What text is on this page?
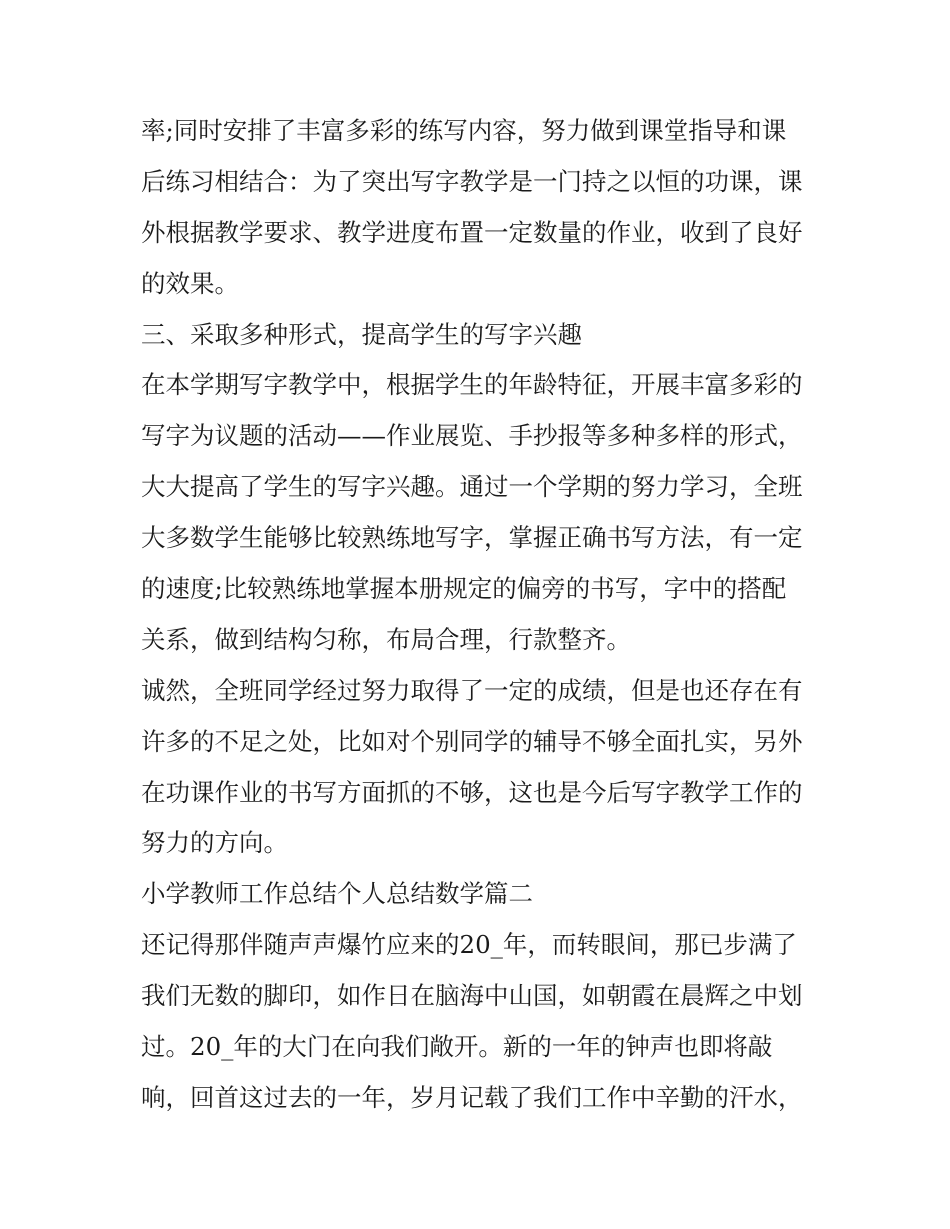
率;同时安排了丰富多彩的练写内容，努力做到课堂指导和课
后练习相结合：为了突出写字教学是一门持之以恒的功课，课
外根据教学要求、教学进度布置一定数量的作业，收到了良好
的效果。
三、采取多种形式，提高学生的写字兴趣
在本学期写字教学中，根据学生的年龄特征，开展丰富多彩的
写字为议题的活动——作业展览、手抄报等多种多样的形式，
大大提高了学生的写字兴趣。通过一个学期的努力学习，全班
大多数学生能够比较熟练地写字，掌握正确书写方法，有一定
的速度;比较熟练地掌握本册规定的偏旁的书写，字中的搭配
关系，做到结构匀称，布局合理，行款整齐。
诚然，全班同学经过努力取得了一定的成绩，但是也还存在有
许多的不足之处，比如对个别同学的辅导不够全面扎实，另外
在功课作业的书写方面抓的不够，这也是今后写字教学工作的
努力的方向。
小学教师工作总结个人总结数学篇二
还记得那伴随声声爆竹应来的20_年，而转眼间，那已步满了
我们无数的脚印，如作日在脑海中山国，如朝霞在晨辉之中划
过。20_年的大门在向我们敞开。新的一年的钟声也即将敲
响，回首这过去的一年，岁月记载了我们工作中辛勤的汗水，
